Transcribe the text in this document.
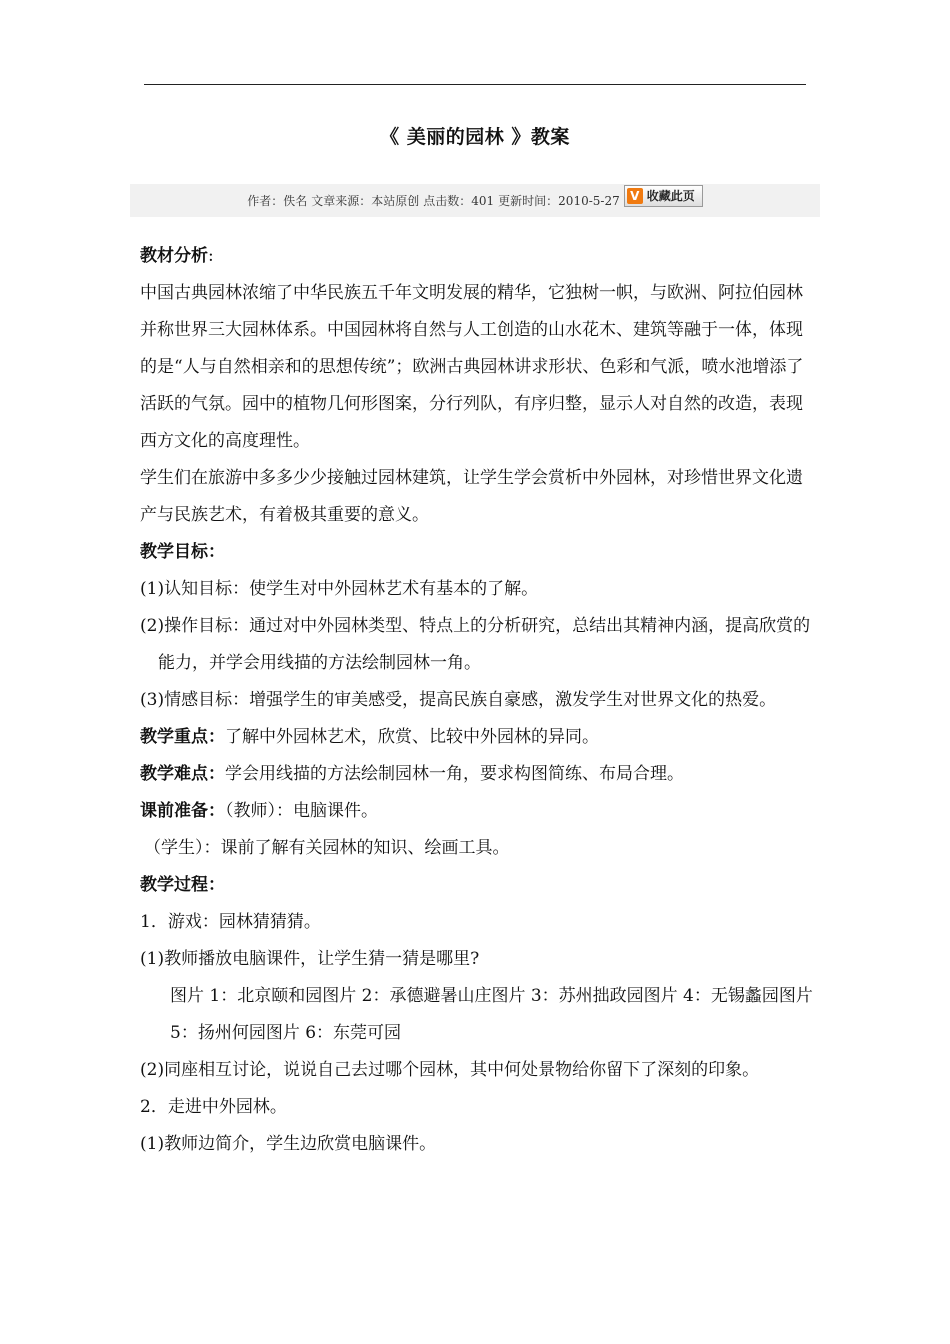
《 美丽的园林 》教案
作者：佚名 文章来源：本站原创 点击数：401 更新时间：2010-5-27 V 收藏此页

教材分析:

中国古典园林浓缩了中华民族五千年文明发展的精华，它独树一帜，与欧洲、阿拉伯园林并称世界三大园林体系。中国园林将自然与人工创造的山水花木、建筑等融于一体，体现的是“人与自然相亲和的思想传统”；欧洲古典园林讲求形状、色彩和气派，喷水池增添了活跃的气氛。园中的植物几何形图案，分行列队，有序归整，显示人对自然的改造，表现西方文化的高度理性。

学生们在旅游中多多少少接触过园林建筑，让学生学会赏析中外园林，对珍惜世界文化遗产与民族艺术，有着极其重要的意义。

教学目标：

(1)认知目标：使学生对中外园林艺术有基本的了解。

(2)操作目标：通过对中外园林类型、特点上的分析研究，总结出其精神内涵，提高欣赏的能力，并学会用线描的方法绘制园林一角。

(3)情感目标：增强学生的审美感受，提高民族自豪感，激发学生对世界文化的热爱。

教学重点：了解中外园林艺术，欣赏、比较中外园林的异同。

教学难点：学会用线描的方法绘制园林一角，要求构图简练、布局合理。

课前准备：（教师）：电脑课件。

（学生）：课前了解有关园林的知识、绘画工具。

教学过程：

1．游戏：园林猜猜猜。

(1)教师播放电脑课件，让学生猜一猜是哪里?

图片 1：北京颐和园图片 2：承德避暑山庄图片 3：苏州拙政园图片 4：无锡蠡园图片 5：扬州何园图片 6：东莞可园

(2)同座相互讨论，说说自己去过哪个园林，其中何处景物给你留下了深刻的印象。

2．走进中外园林。

(1)教师边简介，学生边欣赏电脑课件。
